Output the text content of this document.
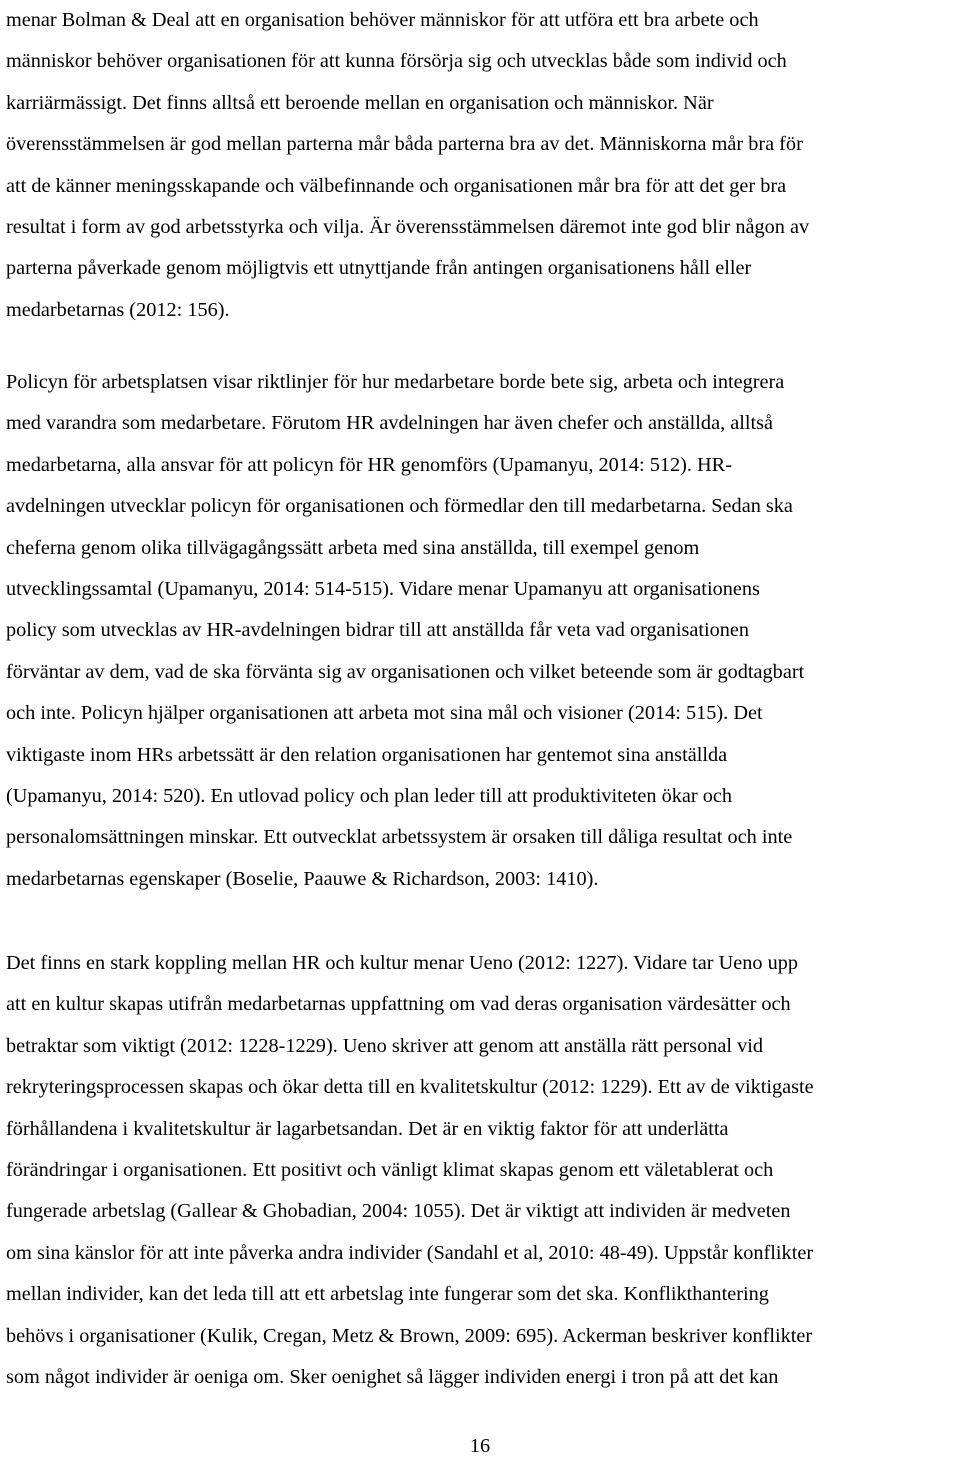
menar Bolman & Deal att en organisation behöver människor för att utföra ett bra arbete och
människor behöver organisationen för att kunna försörja sig och utvecklas både som individ och
karriärmässigt. Det finns alltså ett beroende mellan en organisation och människor. När
överensstämmelsen är god mellan parterna mår båda parterna bra av det. Människorna mår bra för
att de känner meningsskapande och välbefinnande och organisationen mår bra för att det ger bra
resultat i form av god arbetsstyrka och vilja. Är överensstämmelsen däremot inte god blir någon av
parterna påverkade genom möjligtvis ett utnyttjande från antingen organisationens håll eller
medarbetarnas (2012: 156).
Policyn för arbetsplatsen visar riktlinjer för hur medarbetare borde bete sig, arbeta och integrera
med varandra som medarbetare. Förutom HR avdelningen har även chefer och anställda, alltså
medarbetarna, alla ansvar för att policyn för HR genomförs (Upamanyu, 2014: 512). HR-
avdelningen utvecklar policyn för organisationen och förmedlar den till medarbetarna. Sedan ska
cheferna genom olika tillvägagångssätt arbeta med sina anställda, till exempel genom
utvecklingssamtal (Upamanyu, 2014: 514-515). Vidare menar Upamanyu att organisationens
policy som utvecklas av HR-avdelningen bidrar till att anställda får veta vad organisationen
förväntar av dem, vad de ska förvänta sig av organisationen och vilket beteende som är godtagbart
och inte. Policyn hjälper organisationen att arbeta mot sina mål och visioner (2014: 515). Det
viktigaste inom HRs arbetssätt är den relation organisationen har gentemot sina anställda
(Upamanyu, 2014: 520). En utlovad policy och plan leder till att produktiviteten ökar och
personalomsättningen minskar. Ett outvecklat arbetssystem är orsaken till dåliga resultat och inte
medarbetarnas egenskaper (Boselie, Paauwe & Richardson, 2003: 1410).
Det finns en stark koppling mellan HR och kultur menar Ueno (2012: 1227). Vidare tar Ueno upp
att en kultur skapas utifrån medarbetarnas uppfattning om vad deras organisation värdesätter och
betraktar som viktigt (2012: 1228-1229). Ueno skriver att genom att anställa rätt personal vid
rekryteringsprocessen skapas och ökar detta till en kvalitetskultur (2012: 1229). Ett av de viktigaste
förhållandena i kvalitetskultur är lagarbetsandan. Det är en viktig faktor för att underlätta
förändringar i organisationen. Ett positivt och vänligt klimat skapas genom ett väletablerat och
fungerade arbetslag (Gallear & Ghobadian, 2004: 1055). Det är viktigt att individen är medveten
om sina känslor för att inte påverka andra individer (Sandahl et al, 2010: 48-49). Uppstår konflikter
mellan individer, kan det leda till att ett arbetslag inte fungerar som det ska. Konflikthantering
behövs i organisationer (Kulik, Cregan, Metz & Brown, 2009: 695). Ackerman beskriver konflikter
som något individer är oeniga om. Sker oenighet så lägger individen energi i tron på att det kan
16
